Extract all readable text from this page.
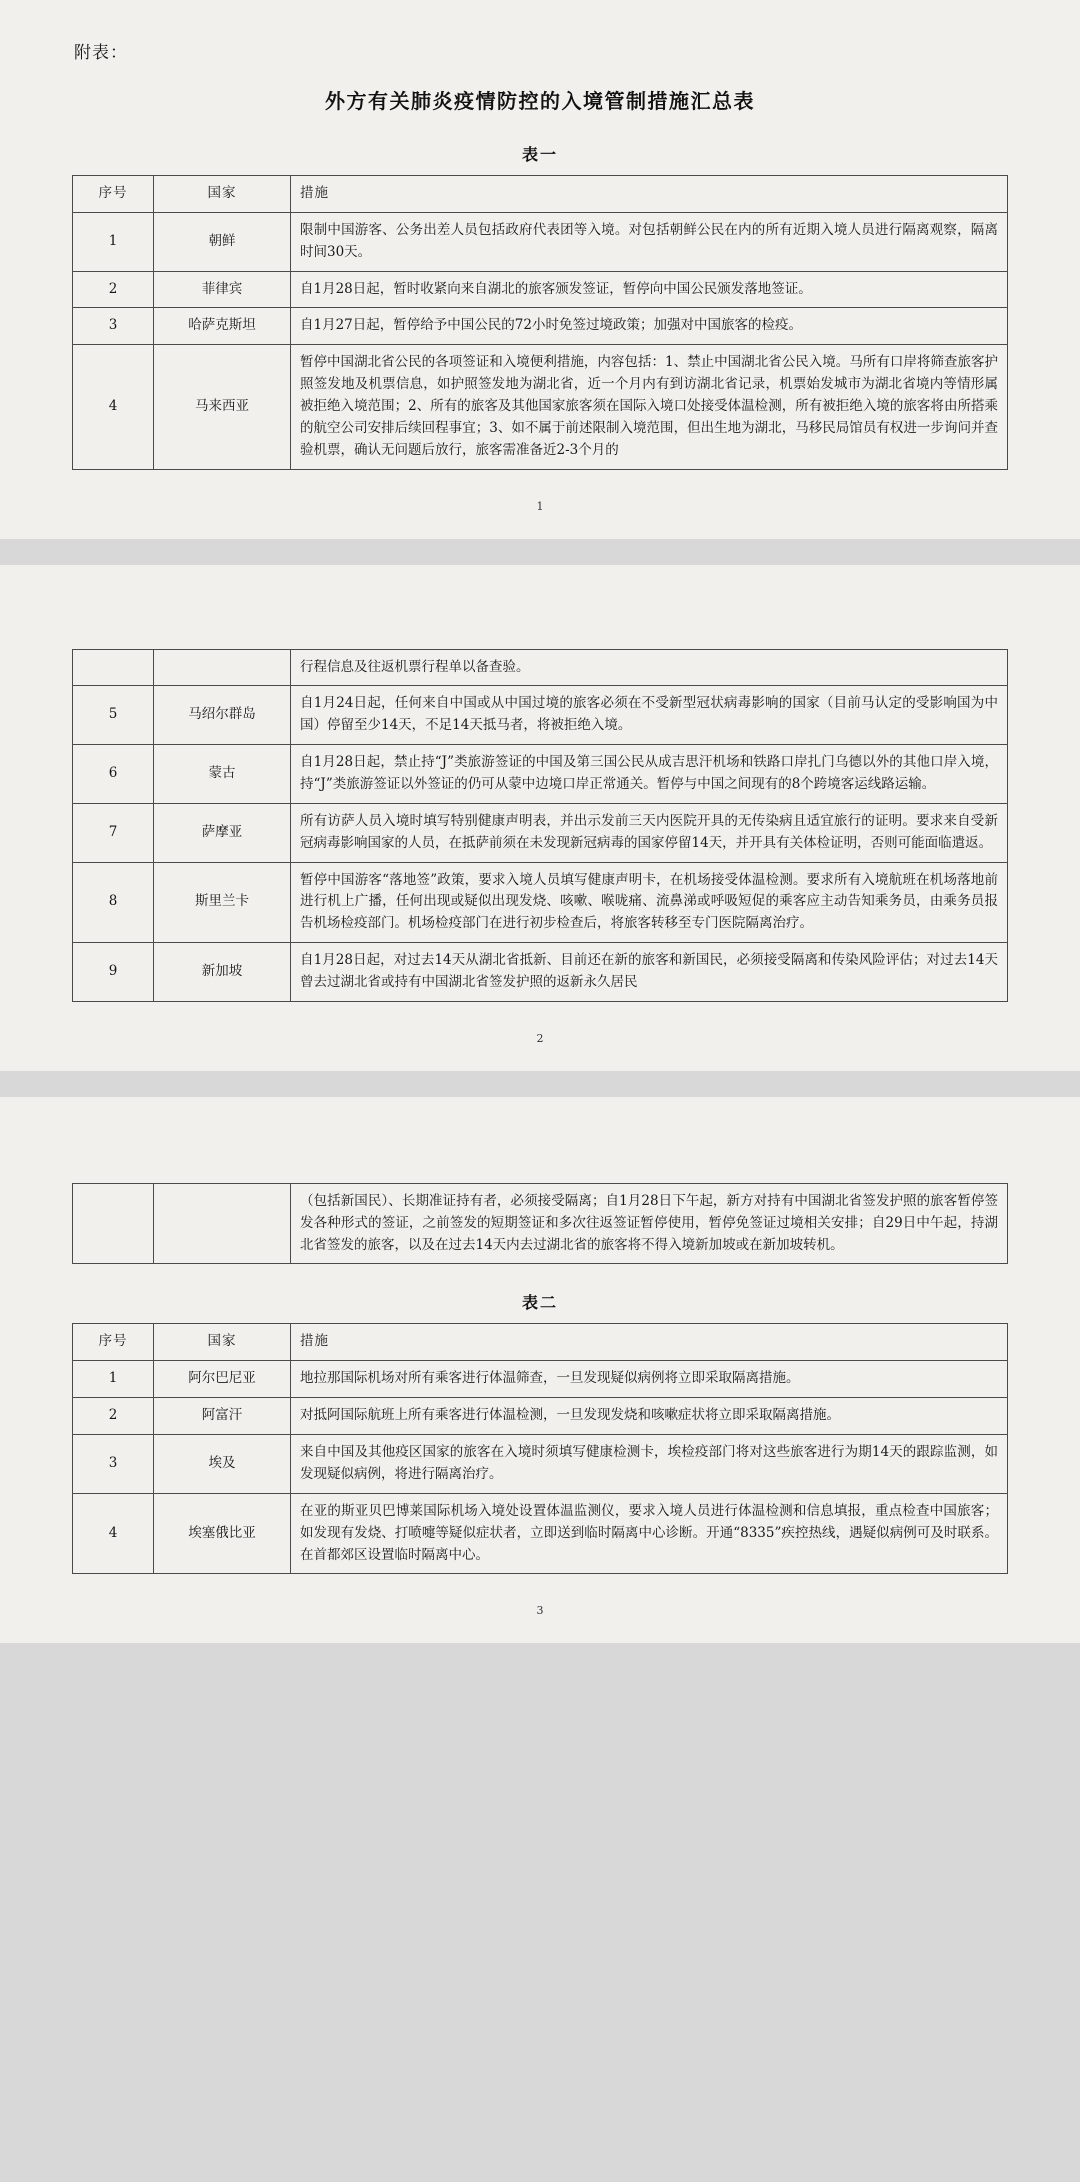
附表：
外方有关肺炎疫情防控的入境管制措施汇总表
表一
序号	国家	措施
1	朝鲜	限制中国游客、公务出差人员包括政府代表团等入境。对包括朝鲜公民在内的所有近期入境人员进行隔离观察，隔离时间30天。
2	菲律宾	自1月28日起，暂时收紧向来自湖北的旅客颁发签证，暂停向中国公民颁发落地签证。
3	哈萨克斯坦	自1月27日起，暂停给予中国公民的72小时免签过境政策；加强对中国旅客的检疫。
4	马来西亚	暂停中国湖北省公民的各项签证和入境便利措施，内容包括：1、禁止中国湖北省公民入境。马所有口岸将筛查旅客护照签发地及机票信息，如护照签发地为湖北省，近一个月内有到访湖北省记录，机票始发城市为湖北省境内等情形属被拒绝入境范围；2、所有的旅客及其他国家旅客须在国际入境口处接受体温检测，所有被拒绝入境的旅客将由所搭乘的航空公司安排后续回程事宜；3、如不属于前述限制入境范围，但出生地为湖北，马移民局馆员有权进一步询问并查验机票，确认无问题后放行，旅客需准备近2-3个月的
1
		行程信息及往返机票行程单以备查验。
5	马绍尔群岛	自1月24日起，任何来自中国或从中国过境的旅客必须在不受新型冠状病毒影响的国家（目前马认定的受影响国为中国）停留至少14天，不足14天抵马者，将被拒绝入境。
6	蒙古	自1月28日起，禁止持“J”类旅游签证的中国及第三国公民从成吉思汗机场和铁路口岸扎门乌德以外的其他口岸入境，持“J”类旅游签证以外签证的仍可从蒙中边境口岸正常通关。暂停与中国之间现有的8个跨境客运线路运输。
7	萨摩亚	所有访萨人员入境时填写特别健康声明表，并出示发前三天内医院开具的无传染病且适宜旅行的证明。要求来自受新冠病毒影响国家的人员，在抵萨前须在未发现新冠病毒的国家停留14天，并开具有关体检证明，否则可能面临遣返。
8	斯里兰卡	暂停中国游客“落地签”政策，要求入境人员填写健康声明卡，在机场接受体温检测。要求所有入境航班在机场落地前进行机上广播，任何出现或疑似出现发烧、咳嗽、喉咙痛、流鼻涕或呼吸短促的乘客应主动告知乘务员，由乘务员报告机场检疫部门。机场检疫部门在进行初步检查后，将旅客转移至专门医院隔离治疗。
9	新加坡	自1月28日起，对过去14天从湖北省抵新、目前还在新的旅客和新国民，必须接受隔离和传染风险评估；对过去14天曾去过湖北省或持有中国湖北省签发护照的返新永久居民
2
		（包括新国民）、长期准证持有者，必须接受隔离；自1月28日下午起，新方对持有中国湖北省签发护照的旅客暂停签发各种形式的签证，之前签发的短期签证和多次往返签证暂停使用，暂停免签证过境相关安排；自29日中午起，持湖北省签发的旅客，以及在过去14天内去过湖北省的旅客将不得入境新加坡或在新加坡转机。
表二
序号	国家	措施
1	阿尔巴尼亚	地拉那国际机场对所有乘客进行体温筛查，一旦发现疑似病例将立即采取隔离措施。
2	阿富汗	对抵阿国际航班上所有乘客进行体温检测，一旦发现发烧和咳嗽症状将立即采取隔离措施。
3	埃及	来自中国及其他疫区国家的旅客在入境时须填写健康检测卡，埃检疫部门将对这些旅客进行为期14天的跟踪监测，如发现疑似病例，将进行隔离治疗。
4	埃塞俄比亚	在亚的斯亚贝巴博莱国际机场入境处设置体温监测仪，要求入境人员进行体温检测和信息填报，重点检查中国旅客；如发现有发烧、打喷嚏等疑似症状者，立即送到临时隔离中心诊断。开通“8335”疾控热线，遇疑似病例可及时联系。在首都郊区设置临时隔离中心。
3
